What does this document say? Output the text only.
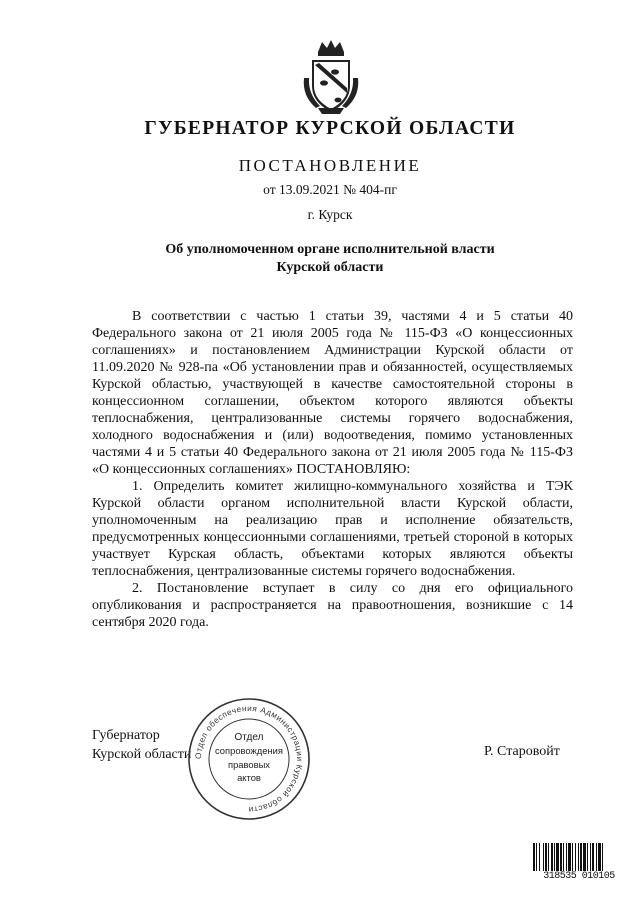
ГУБЕРНАТОР КУРСКОЙ ОБЛАСТИ
ПОСТАНОВЛЕНИЕ
от 13.09.2021 № 404-пг
г. Курск
Об уполномоченном органе исполнительной власти
Курской области

В соответствии с частью 1 статьи 39, частями 4 и 5 статьи 40 Федерального закона от 21 июля 2005 года № 115-ФЗ «О концессионных соглашениях» и постановлением Администрации Курской области от 11.09.2020 № 928-па «Об установлении прав и обязанностей, осуществляемых Курской областью, участвующей в качестве самостоятельной стороны в концессионном соглашении, объектом которого являются объекты теплоснабжения, централизованные системы горячего водоснабжения, холодного водоснабжения и (или) водоотведения, помимо установленных частями 4 и 5 статьи 40 Федерального закона от 21 июля 2005 года № 115-ФЗ «О концессионных соглашениях» ПОСТАНОВЛЯЮ:

1. Определить комитет жилищно-коммунального хозяйства и ТЭК Курской области органом исполнительной власти Курской области, уполномоченным на реализацию прав и исполнение обязательств, предусмотренных концессионными соглашениями, третьей стороной в которых участвует Курская область, объектами которых являются объекты теплоснабжения, централизованные системы горячего водоснабжения.

2. Постановление вступает в силу со дня его официального опубликования и распространяется на правоотношения, возникшие с 14 сентября 2020 года.

Губернатор
Курской области	Р. Старовойт
Отдел обеспечения Администрации Курской области
Отдел
сопровождения
правовых
актов
318535 010105
